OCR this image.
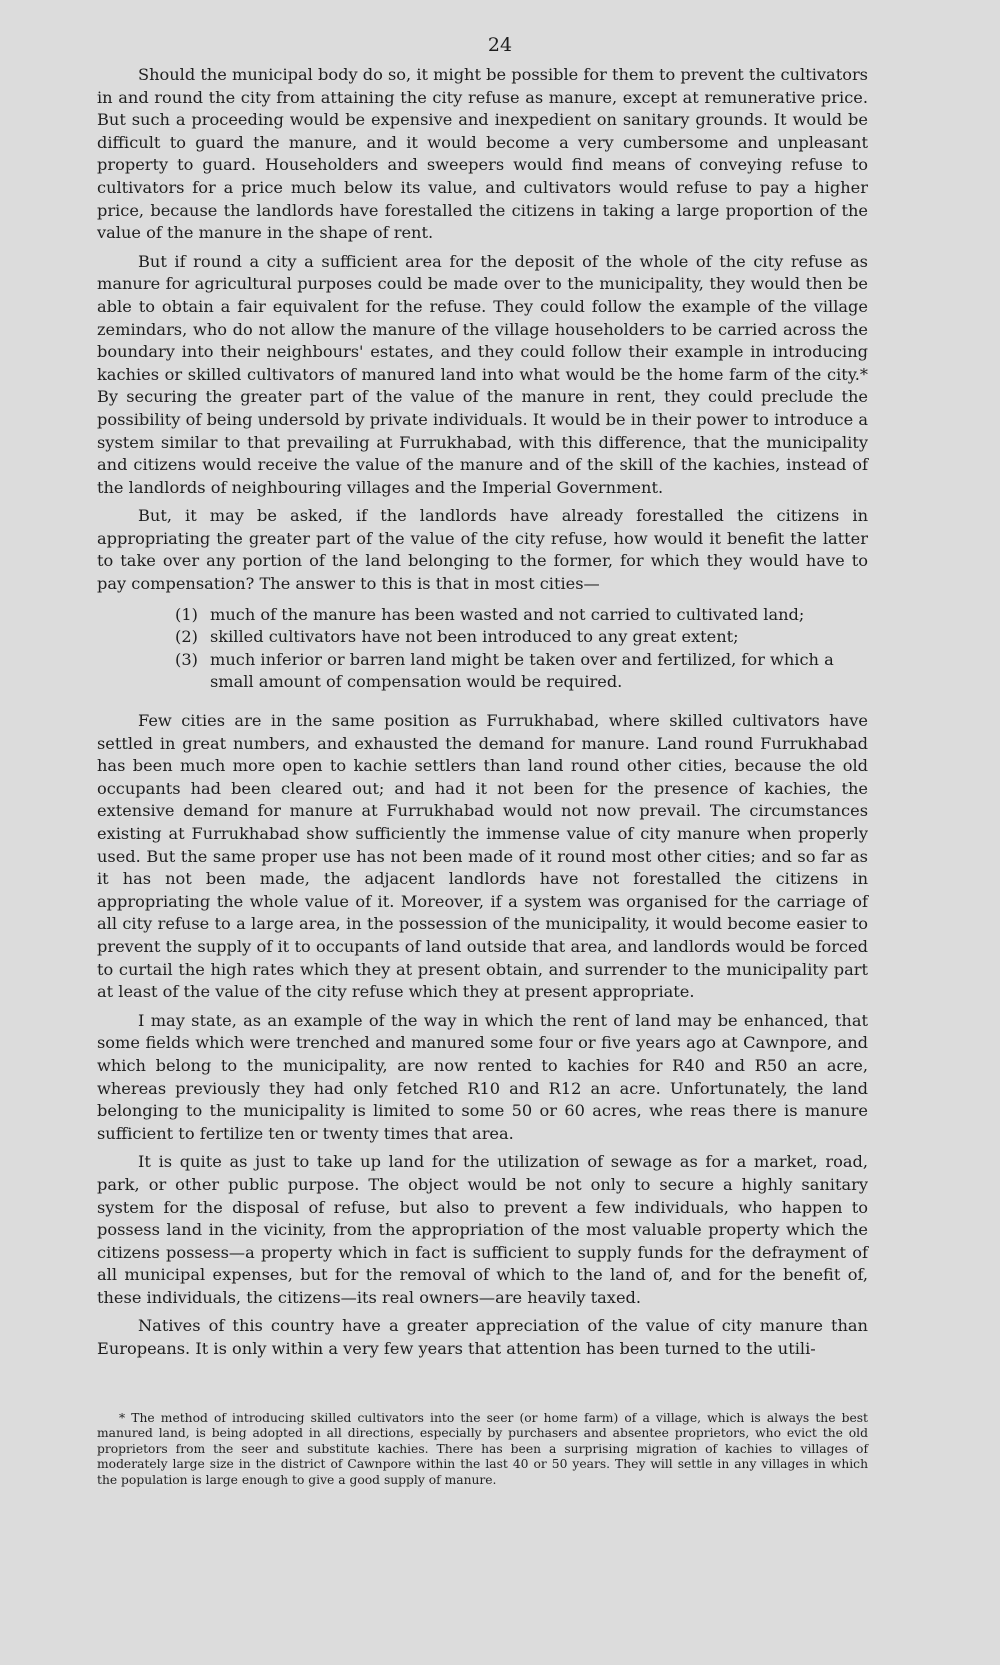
24

Should the municipal body do so, it might be possible for them to prevent the cultivators in and round the city from attaining the city refuse as manure, except at remunerative price. But such a proceeding would be expensive and inexpedient on sanitary grounds. It would be difficult to guard the manure, and it would become a very cumbersome and unpleasant property to guard. Householders and sweepers would find means of conveying refuse to cultivators for a price much below its value, and cultivators would refuse to pay a higher price, because the landlords have forestalled the citizens in taking a large proportion of the value of the manure in the shape of rent.

But if round a city a sufficient area for the deposit of the whole of the city refuse as manure for agricultural purposes could be made over to the municipality, they would then be able to obtain a fair equivalent for the refuse. They could follow the example of the village zemindars, who do not allow the manure of the village householders to be carried across the boundary into their neighbours' estates, and they could follow their example in introducing kachies or skilled cultivators of manured land into what would be the home farm of the city.* By securing the greater part of the value of the manure in rent, they could preclude the possibility of being undersold by private individuals. It would be in their power to introduce a system similar to that prevailing at Furrukhabad, with this difference, that the municipality and citizens would receive the value of the manure and of the skill of the kachies, instead of the landlords of neighbouring villages and the Imperial Government.

But, it may be asked, if the landlords have already forestalled the citizens in appropriating the greater part of the value of the city refuse, how would it benefit the latter to take over any portion of the land belonging to the former, for which they would have to pay compensation? The answer to this is that in most cities—

(1) much of the manure has been wasted and not carried to cultivated land;
(2) skilled cultivators have not been introduced to any great extent;
(3) much inferior or barren land might be taken over and fertilized, for which a small amount of compensation would be required.

Few cities are in the same position as Furrukhabad, where skilled cultivators have settled in great numbers, and exhausted the demand for manure. Land round Furrukhabad has been much more open to kachie settlers than land round other cities, because the old occupants had been cleared out; and had it not been for the presence of kachies, the extensive demand for manure at Furrukhabad would not now prevail. The circumstances existing at Furrukhabad show sufficiently the immense value of city manure when properly used. But the same proper use has not been made of it round most other cities; and so far as it has not been made, the adjacent landlords have not forestalled the citizens in appropriating the whole value of it. Moreover, if a system was organised for the carriage of all city refuse to a large area, in the possession of the municipality, it would become easier to prevent the supply of it to occupants of land outside that area, and landlords would be forced to curtail the high rates which they at present obtain, and surrender to the municipality part at least of the value of the city refuse which they at present appropriate.

I may state, as an example of the way in which the rent of land may be enhanced, that some fields which were trenched and manured some four or five years ago at Cawnpore, and which belong to the municipality, are now rented to kachies for R40 and R50 an acre, whereas previously they had only fetched R10 and R12 an acre. Unfortunately, the land belonging to the municipality is limited to some 50 or 60 acres, whe reas there is manure sufficient to fertilize ten or twenty times that area.

It is quite as just to take up land for the utilization of sewage as for a market, road, park, or other public purpose. The object would be not only to secure a highly sanitary system for the disposal of refuse, but also to prevent a few individuals, who happen to possess land in the vicinity, from the appropriation of the most valuable property which the citizens possess—a property which in fact is sufficient to supply funds for the defrayment of all municipal expenses, but for the removal of which to the land of, and for the benefit of, these individuals, the citizens—its real owners—are heavily taxed.

Natives of this country have a greater appreciation of the value of city manure than Europeans. It is only within a very few years that attention has been turned to the utili-

* The method of introducing skilled cultivators into the seer (or home farm) of a village, which is always the best manured land, is being adopted in all directions, especially by purchasers and absentee proprietors, who evict the old proprietors from the seer and substitute kachies. There has been a surprising migration of kachies to villages of moderately large size in the district of Cawnpore within the last 40 or 50 years. They will settle in any villages in which the population is large enough to give a good supply of manure.
